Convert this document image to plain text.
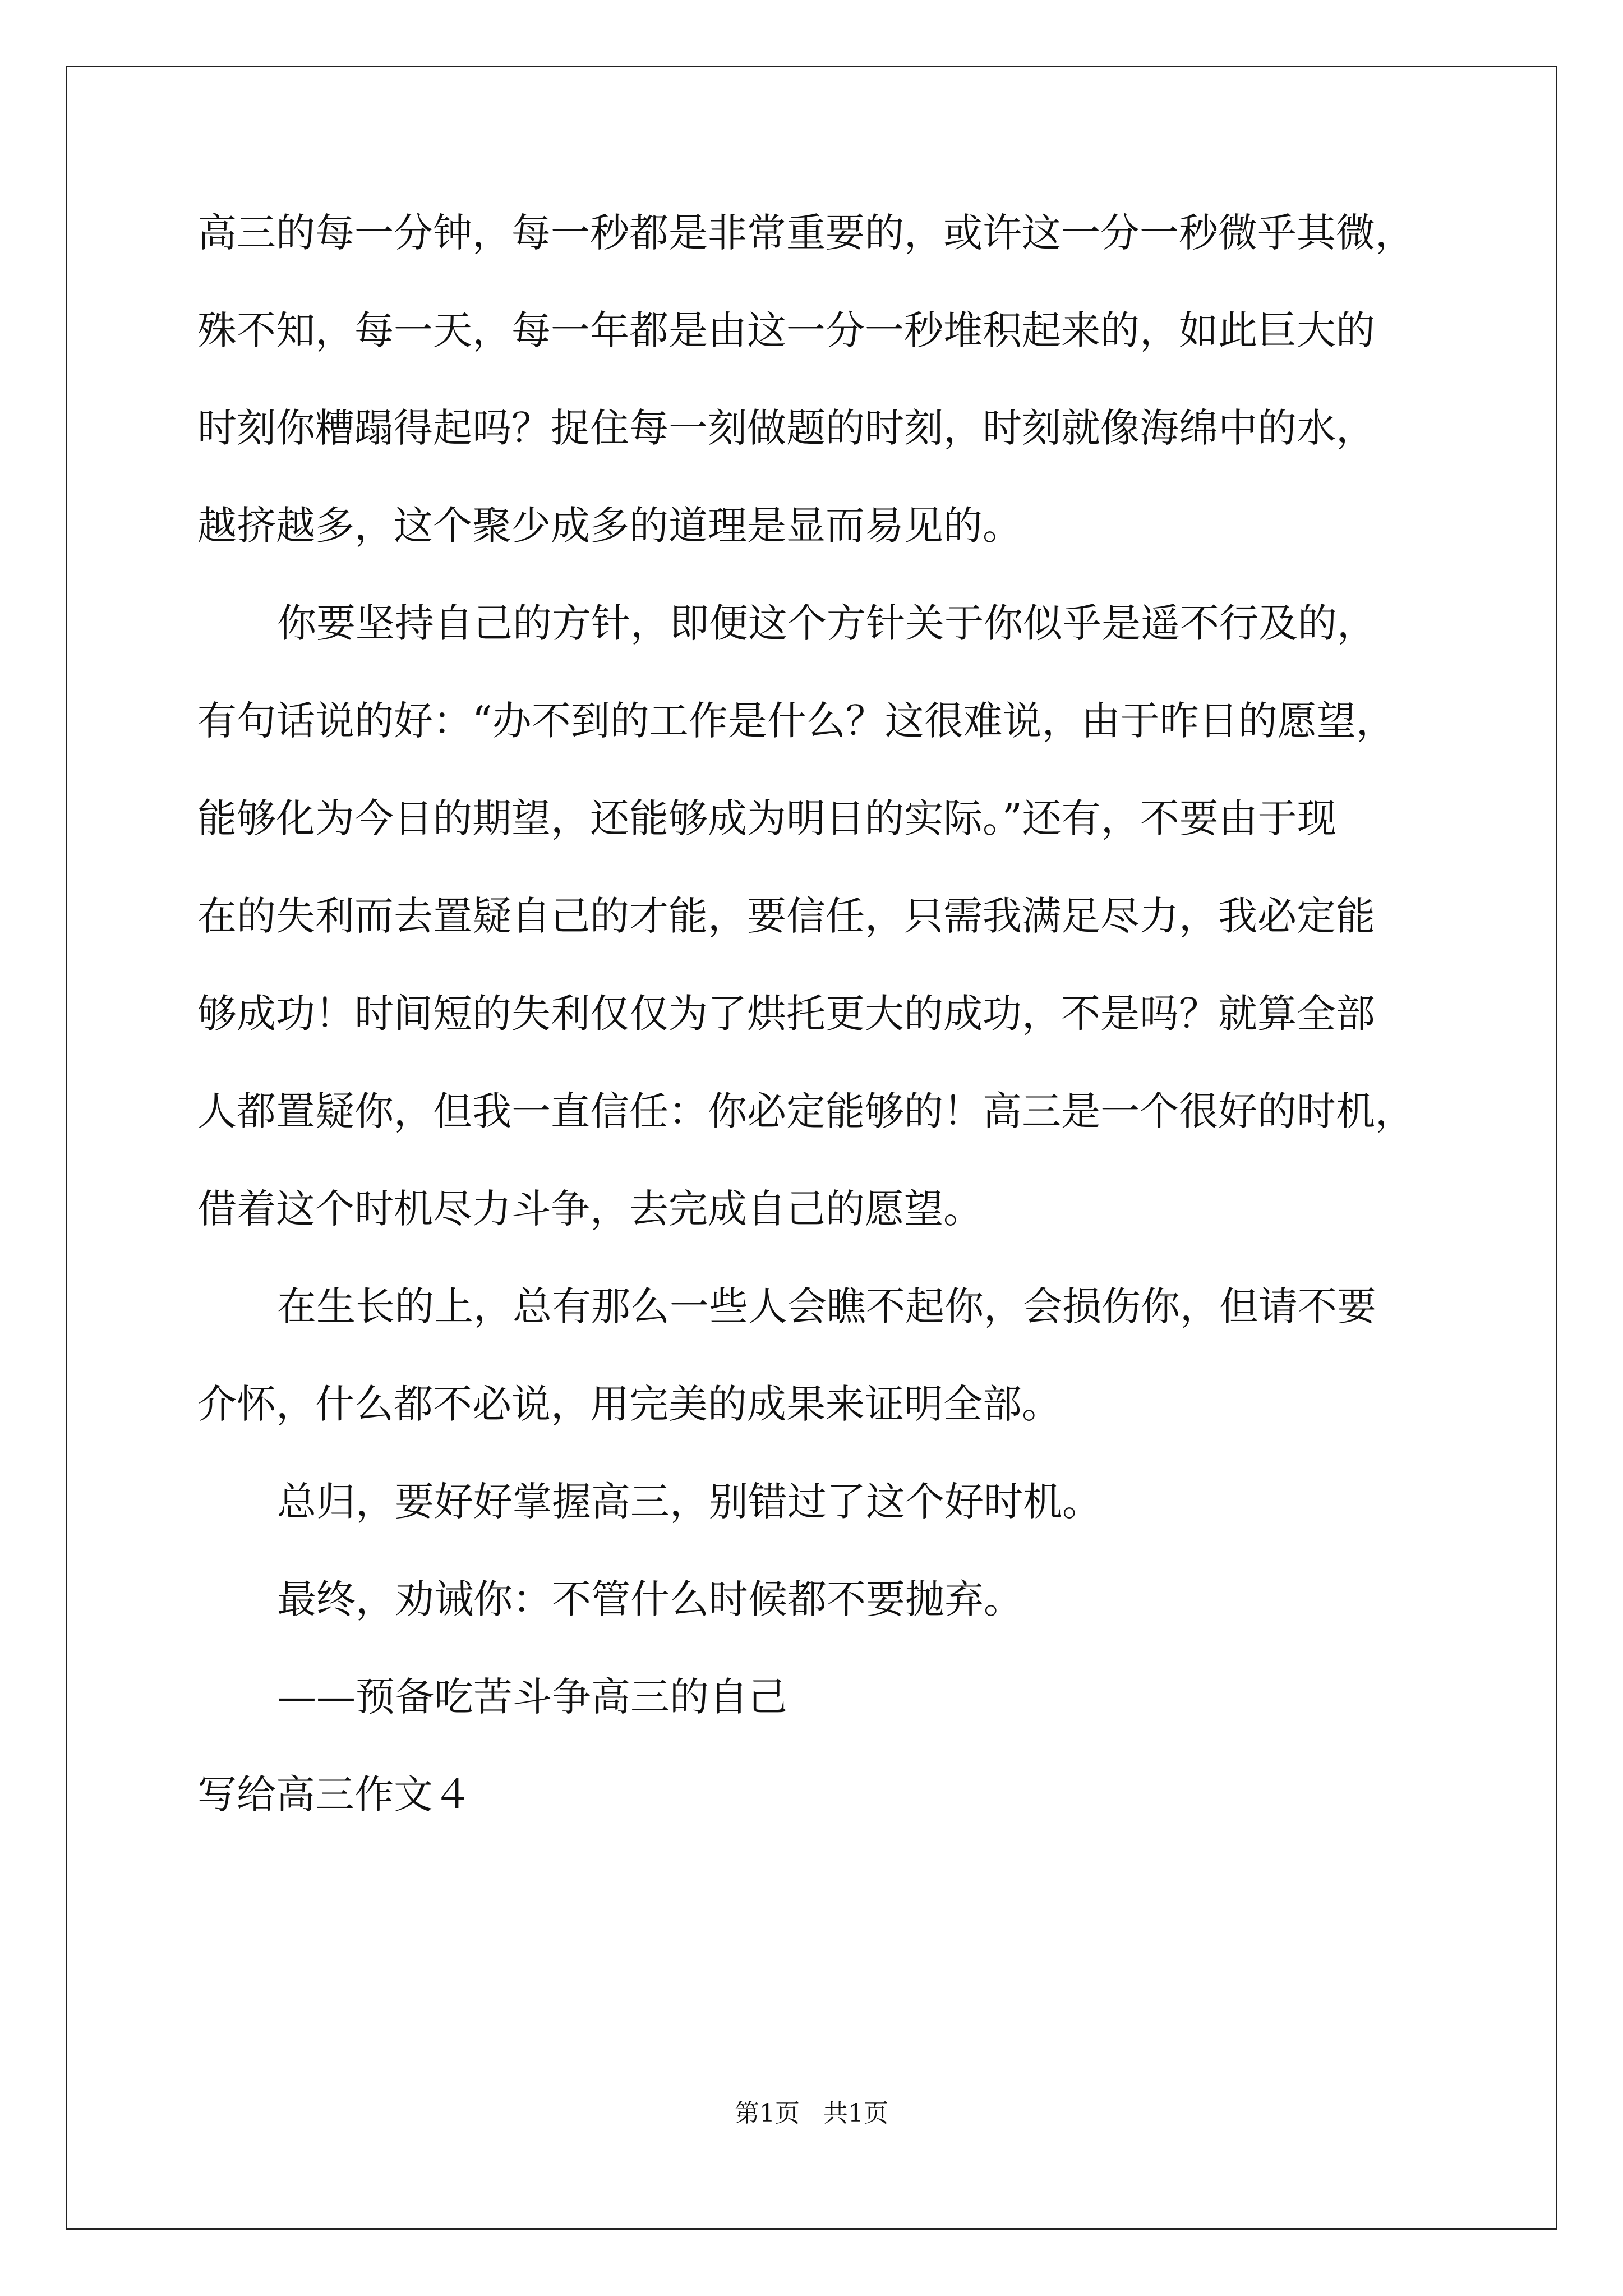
高三的每一分钟，每一秒都是非常重要的，或许这一分一秒微乎其微，
殊不知，每一天，每一年都是由这一分一秒堆积起来的，如此巨大的
时刻你糟蹋得起吗？捉住每一刻做题的时刻，时刻就像海绵中的水，
越挤越多，这个聚少成多的道理是显而易见的。
你要坚持自己的方针，即便这个方针关于你似乎是遥不行及的，
有句话说的好：“办不到的工作是什么？这很难说，由于昨日的愿望，
能够化为今日的期望，还能够成为明日的实际。”还有，不要由于现
在的失利而去置疑自己的才能，要信任，只需我满足尽力，我必定能
够成功！时间短的失利仅仅为了烘托更大的成功，不是吗？就算全部
人都置疑你，但我一直信任：你必定能够的！高三是一个很好的时机，
借着这个时机尽力斗争，去完成自己的愿望。
在生长的上，总有那么一些人会瞧不起你，会损伤你，但请不要
介怀，什么都不必说，用完美的成果来证明全部。
总归，要好好掌握高三，别错过了这个好时机。
最终，劝诫你：不管什么时候都不要抛弃。
——预备吃苦斗争高三的自己
写给高三作文４
第1页   共1页
